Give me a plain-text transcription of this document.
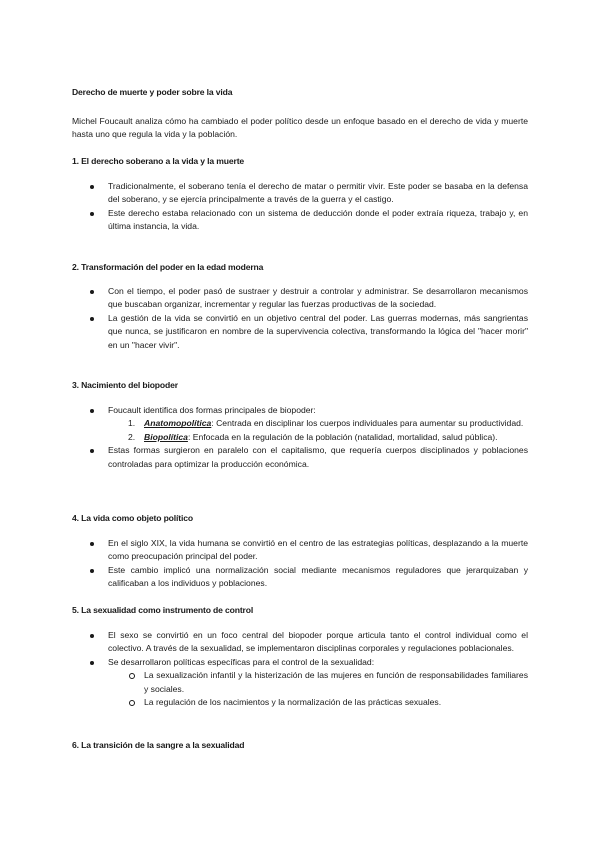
Derecho de muerte y poder sobre la vida
Michel Foucault analiza cómo ha cambiado el poder político desde un enfoque basado en el derecho de vida y muerte hasta uno que regula la vida y la población.
1. El derecho soberano a la vida y la muerte
Tradicionalmente, el soberano tenía el derecho de matar o permitir vivir. Este poder se basaba en la defensa del soberano, y se ejercía principalmente a través de la guerra y el castigo.
Este derecho estaba relacionado con un sistema de deducción donde el poder extraía riqueza, trabajo y, en última instancia, la vida.
2. Transformación del poder en la edad moderna
Con el tiempo, el poder pasó de sustraer y destruir a controlar y administrar. Se desarrollaron mecanismos que buscaban organizar, incrementar y regular las fuerzas productivas de la sociedad.
La gestión de la vida se convirtió en un objetivo central del poder. Las guerras modernas, más sangrientas que nunca, se justificaron en nombre de la supervivencia colectiva, transformando la lógica del "hacer morir" en un "hacer vivir".
3. Nacimiento del biopoder
Foucault identifica dos formas principales de biopoder:
1. Anatomopolítica: Centrada en disciplinar los cuerpos individuales para aumentar su productividad.
2. Biopolítica: Enfocada en la regulación de la población (natalidad, mortalidad, salud pública).
Estas formas surgieron en paralelo con el capitalismo, que requería cuerpos disciplinados y poblaciones controladas para optimizar la producción económica.
4. La vida como objeto político
En el siglo XIX, la vida humana se convirtió en el centro de las estrategias políticas, desplazando a la muerte como preocupación principal del poder.
Este cambio implicó una normalización social mediante mecanismos reguladores que jerarquizaban y calificaban a los individuos y poblaciones.
5. La sexualidad como instrumento de control
El sexo se convirtió en un foco central del biopoder porque articula tanto el control individual como el colectivo. A través de la sexualidad, se implementaron disciplinas corporales y regulaciones poblacionales.
Se desarrollaron políticas específicas para el control de la sexualidad:
La sexualización infantil y la histerización de las mujeres en función de responsabilidades familiares y sociales.
La regulación de los nacimientos y la normalización de las prácticas sexuales.
6. La transición de la sangre a la sexualidad
